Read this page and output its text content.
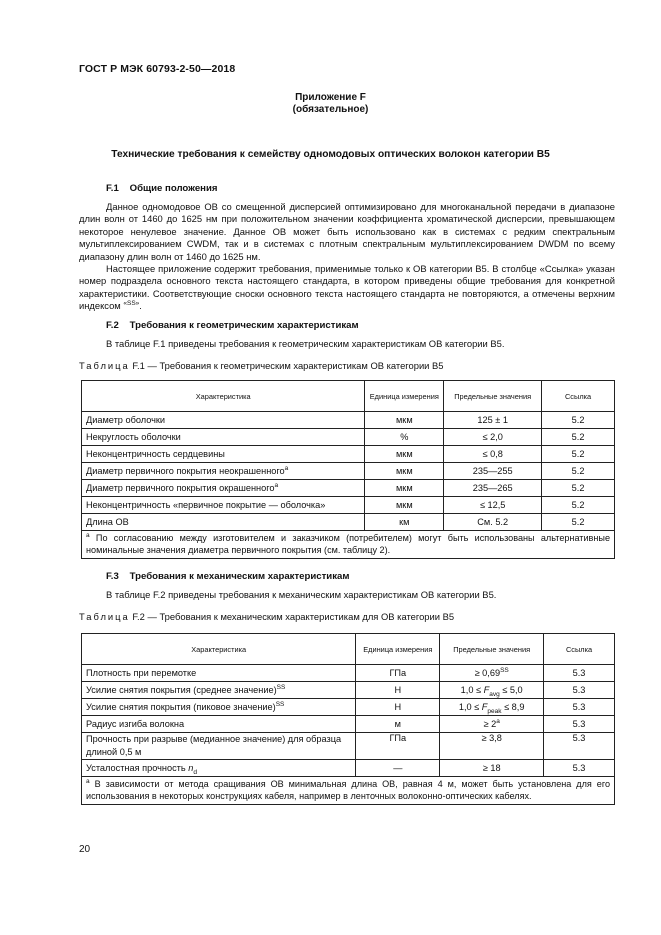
ГОСТ Р МЭК 60793-2-50—2018
Приложение F
(обязательное)
Технические требования к семейству одномодовых оптических волокон категории В5
F.1 Общие положения

Данное одномодовое ОВ со смещенной дисперсией оптимизировано для многоканальной передачи в диапазоне длин волн от 1460 до 1625 нм при положительном значении коэффициента хроматической дисперсии, превышающем некоторое ненулевое значение. Данное ОВ может быть использовано как в системах с редким спектральным мультиплексированием CWDM, так и в системах с плотным спектральным мультиплексированием DWDM по всему диапазону длин волн от 1460 до 1625 нм.

Настоящее приложение содержит требования, применимые только к ОВ категории В5. В столбце «Ссылка» указан номер подраздела основного текста настоящего стандарта, в котором приведены общие требования для конкретной характеристики. Соответствующие сноски основного текста настоящего стандарта не повторяются, а отмечены верхним индексом $^{«SS»}$.

F.2 Требования к геометрическим характеристикам

В таблице F.1 приведены требования к геометрическим характеристикам ОВ категории В5.

Таблица F.1 — Требования к геометрическим характеристикам ОВ категории В5
Характеристика	Единица измерения	Предельные значения	Ссылка
Диаметр оболочки	мкм	125 ± 1	5.2
Некруглость оболочки	%	≤ 2,0	5.2
Неконцентричность сердцевины	мкм	≤ 0,8	5.2
Диаметр первичного покрытия неокрашенного$^а$	мкм	235—255	5.2
Диаметр первичного покрытия окрашенного$^а$	мкм	235—265	5.2
Неконцентричность «первичное покрытие — оболочка»	мкм	≤ 12,5	5.2
Длина ОВ	км	См. 5.2	5.2
$^а$ По согласованию между изготовителем и заказчиком (потребителем) могут быть использованы альтернативные номинальные значения диаметра первичного покрытия (см. таблицу 2).			
F.3 Требования к механическим характеристикам

В таблице F.2 приведены требования к механическим характеристикам ОВ категории В5.

Таблица F.2 — Требования к механическим характеристикам для ОВ категории В5
Характеристика	Единица измерения	Предельные значения	Ссылка
Плотность при перемотке	ГПа	≥ $0,69^{SS}$	5.3
Усилие снятия покрытия (среднее значение)$^{SS}$	Н	$1,0 \le F_{avg} \le 5,0$	5.3
Усилие снятия покрытия (пиковое значение)$^{SS}$	Н	$1,0 \le F_{peak} \le 8,9$	5.3
Радиус изгиба волокна	м	≥ $2^а$	5.3
Прочность при разрыве (медианное значение) для образца длиной 0,5 м	ГПа	≥ 3,8	5.3
Усталостная прочность $n_d$	—	≥ 18	5.3
$^а$ В зависимости от метода сращивания ОВ минимальная длина ОВ, равная 4 м, может быть установлена для его использования в некоторых конструкциях кабеля, например в ленточных волоконно-оптических кабелях.			
20
